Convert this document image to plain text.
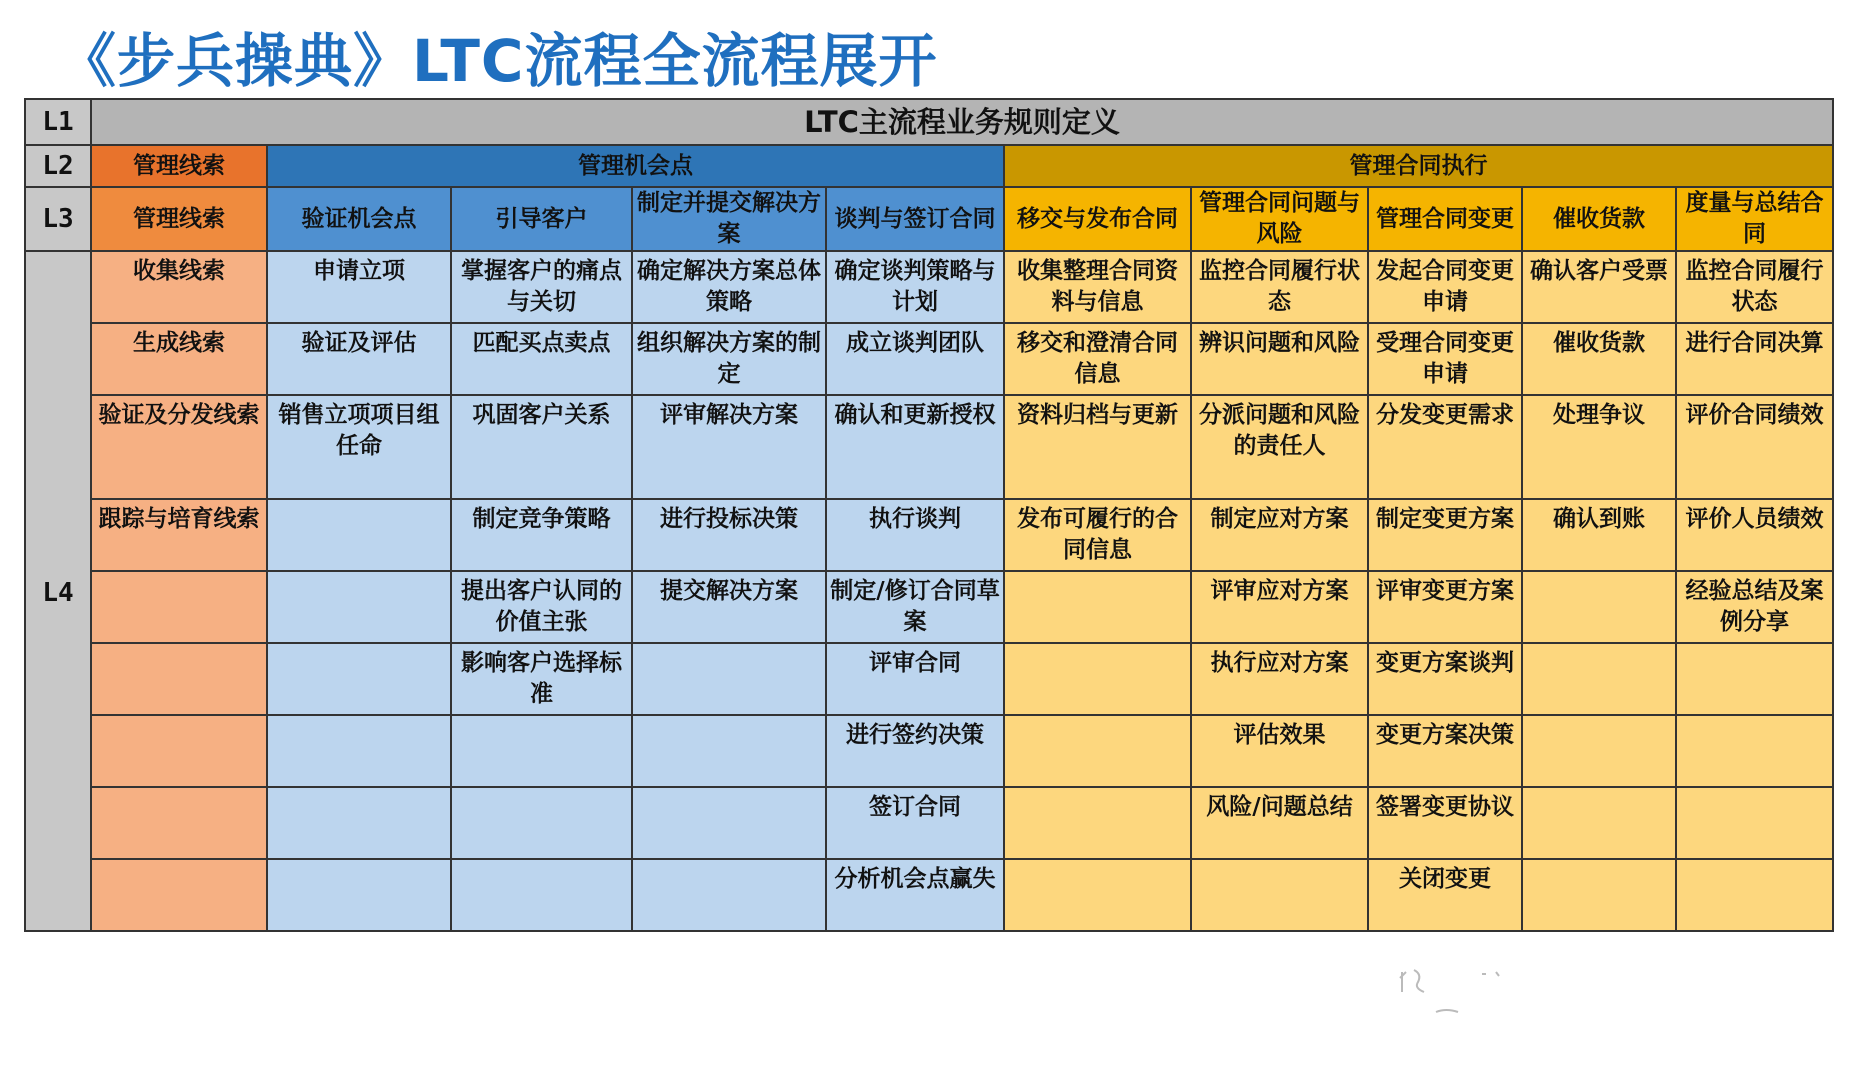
《步兵操典》LTC流程全流程展开
L1	LTC主流程业务规则定义									
L2	管理线索	管理机会点				管理合同执行				
L3	管理线索	验证机会点	引导客户	制定并提交解决方案	谈判与签订合同	移交与发布合同	管理合同问题与风险	管理合同变更	催收货款	度量与总结合同
L4	收集线索	申请立项	掌握客户的痛点与关切	确定解决方案总体策略	确定谈判策略与计划	收集整理合同资料与信息	监控合同履行状态	发起合同变更申请	确认客户受票	监控合同履行状态
	生成线索	验证及评估	匹配买点卖点	组织解决方案的制定	成立谈判团队	移交和澄清合同信息	辨识问题和风险	受理合同变更申请	催收货款	进行合同决算
	验证及分发线索	销售立项项目组任命	巩固客户关系	评审解决方案	确认和更新授权	资料归档与更新	分派问题和风险的责任人	分发变更需求	处理争议	评价合同绩效
	跟踪与培育线索		制定竞争策略	进行投标决策	执行谈判	发布可履行的合同信息	制定应对方案	制定变更方案	确认到账	评价人员绩效
			提出客户认同的价值主张	提交解决方案	制定/修订合同草案		评审应对方案	评审变更方案		经验总结及案例分享
			影响客户选择标准		评审合同		执行应对方案	变更方案谈判		
					进行签约决策		评估效果	变更方案决策		
					签订合同		风险/问题总结	签署变更协议		
					分析机会点赢失			关闭变更		
